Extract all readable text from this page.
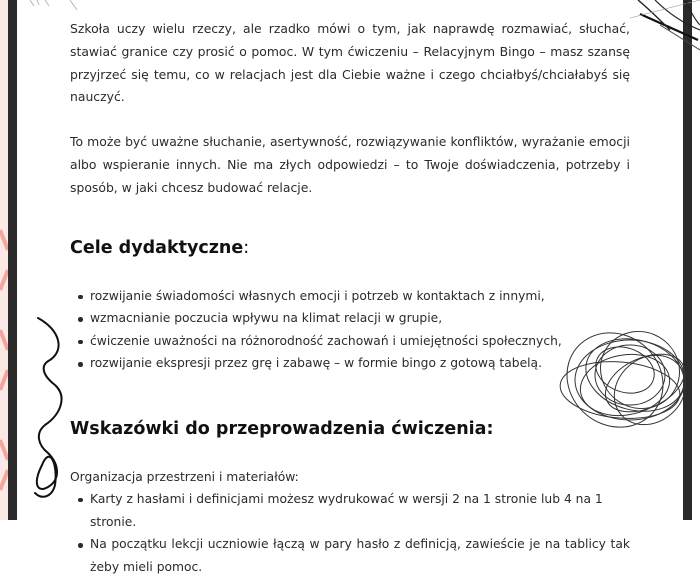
Szkoła uczy wielu rzeczy, ale rzadko mówi o tym, jak naprawdę rozmawiać, słuchać, stawiać granice czy prosić o pomoc. W tym ćwiczeniu – Relacyjnym Bingo – masz szansę przyjrzeć się temu, co w relacjach jest dla Ciebie ważne i czego chciałbyś/chciałabyś się nauczyć.

To może być uważne słuchanie, asertywność, rozwiązywanie konfliktów, wyrażanie emocji albo wspieranie innych. Nie ma złych odpowiedzi – to Twoje doświadczenia, potrzeby i sposób, w jaki chcesz budować relacje.

Cele dydaktyczne:
rozwijanie świadomości własnych emocji i potrzeb w kontaktach z innymi,
wzmacnianie poczucia wpływu na klimat relacji w grupie,
ćwiczenie uważności na różnorodność zachowań i umiejętności społecznych,
rozwijanie ekspresji przez grę i zabawę – w formie bingo z gotową tabelą.
Wskazówki do przeprowadzenia ćwiczenia:

Organizacja przestrzeni i materiałów:

Karty z hasłami i definicjami możesz wydrukować w wersji 2 na 1 stronie lub 4 na 1 stronie.
Na początku lekcji uczniowie łączą w pary hasło z definicją, zawieście je na tablicy tak żeby mieli pomoc.
